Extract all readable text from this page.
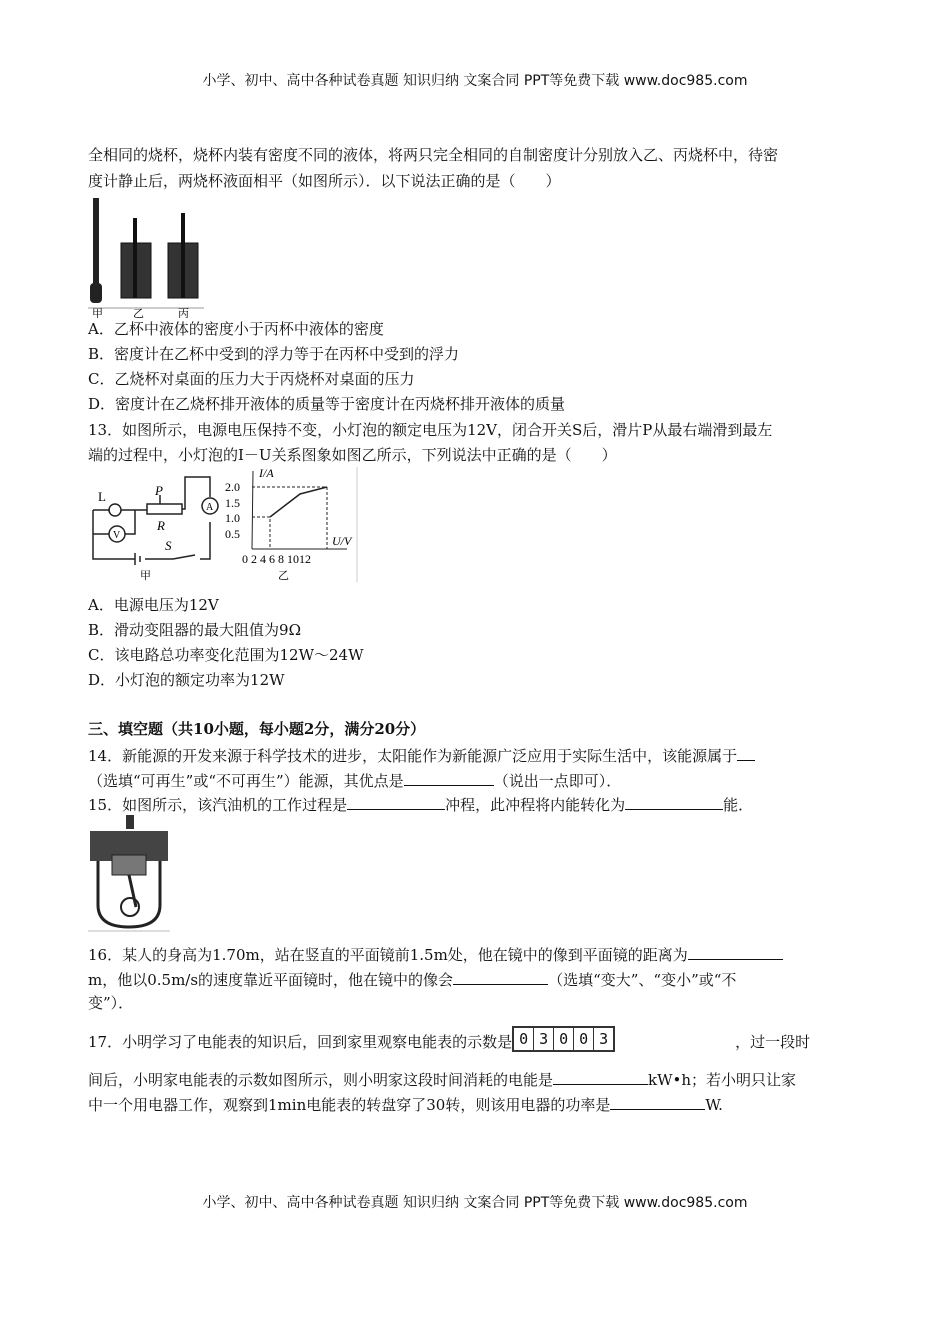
小学、初中、高中各种试卷真题 知识归纳 文案合同 PPT等免费下载 www.doc985.com
全相同的烧杯，烧杯内装有密度不同的液体，将两只完全相同的自制密度计分别放入乙、丙烧杯中，待密
度计静止后，两烧杯液面相平（如图所示）．以下说法正确的是（　　）
甲	乙	丙
A．乙杯中液体的密度小于丙杯中液体的密度
B．密度计在乙杯中受到的浮力等于在丙杯中受到的浮力
C．乙烧杯对桌面的压力大于丙烧杯对桌面的压力
D．密度计在乙烧杯排开液体的质量等于密度计在丙烧杯排开液体的质量
13．如图所示，电源电压保持不变，小灯泡的额定电压为12V，闭合开关S后，滑片P从最右端滑到最左
端的过程中，小灯泡的I－U关系图象如图乙所示，下列说法中正确的是（　　）
L	P
R
V
A
S
甲
I/A
U/V
2.0
1.5
1.0
0.5
0 2 4 6 8 1012
乙
A．电源电压为12V
B．滑动变阻器的最大阻值为9Ω
C．该电路总功率变化范围为12W～24W
D．小灯泡的额定功率为12W
三、填空题（共10小题，每小题2分，满分20分）
14．新能源的开发来源于科学技术的进步，太阳能作为新能源广泛应用于实际生活中，该能源属于
（选填“可再生”或“不可再生”）能源，其优点是	（说出一点即可）．
15．如图所示，该汽油机的工作过程是	冲程，此冲程将内能转化为	能．
16．某人的身高为1.70m，站在竖直的平面镜前1.5m处，他在镜中的像到平面镜的距离为
m，他以0.5m/s的速度靠近平面镜时，他在镜中的像会	（选填“变大”、“变小”或“不
变”）．
17．小明学习了电能表的知识后，回到家里观察电能表的示数是 0 3 0 0 3	，过一段时
间后，小明家电能表的示数如图所示，则小明家这段时间消耗的电能是	kW•h；若小明只让家
中一个用电器工作，观察到1min电能表的转盘穿了30转，则该用电器的功率是	W.
小学、初中、高中各种试卷真题 知识归纳 文案合同 PPT等免费下载 www.doc985.com
